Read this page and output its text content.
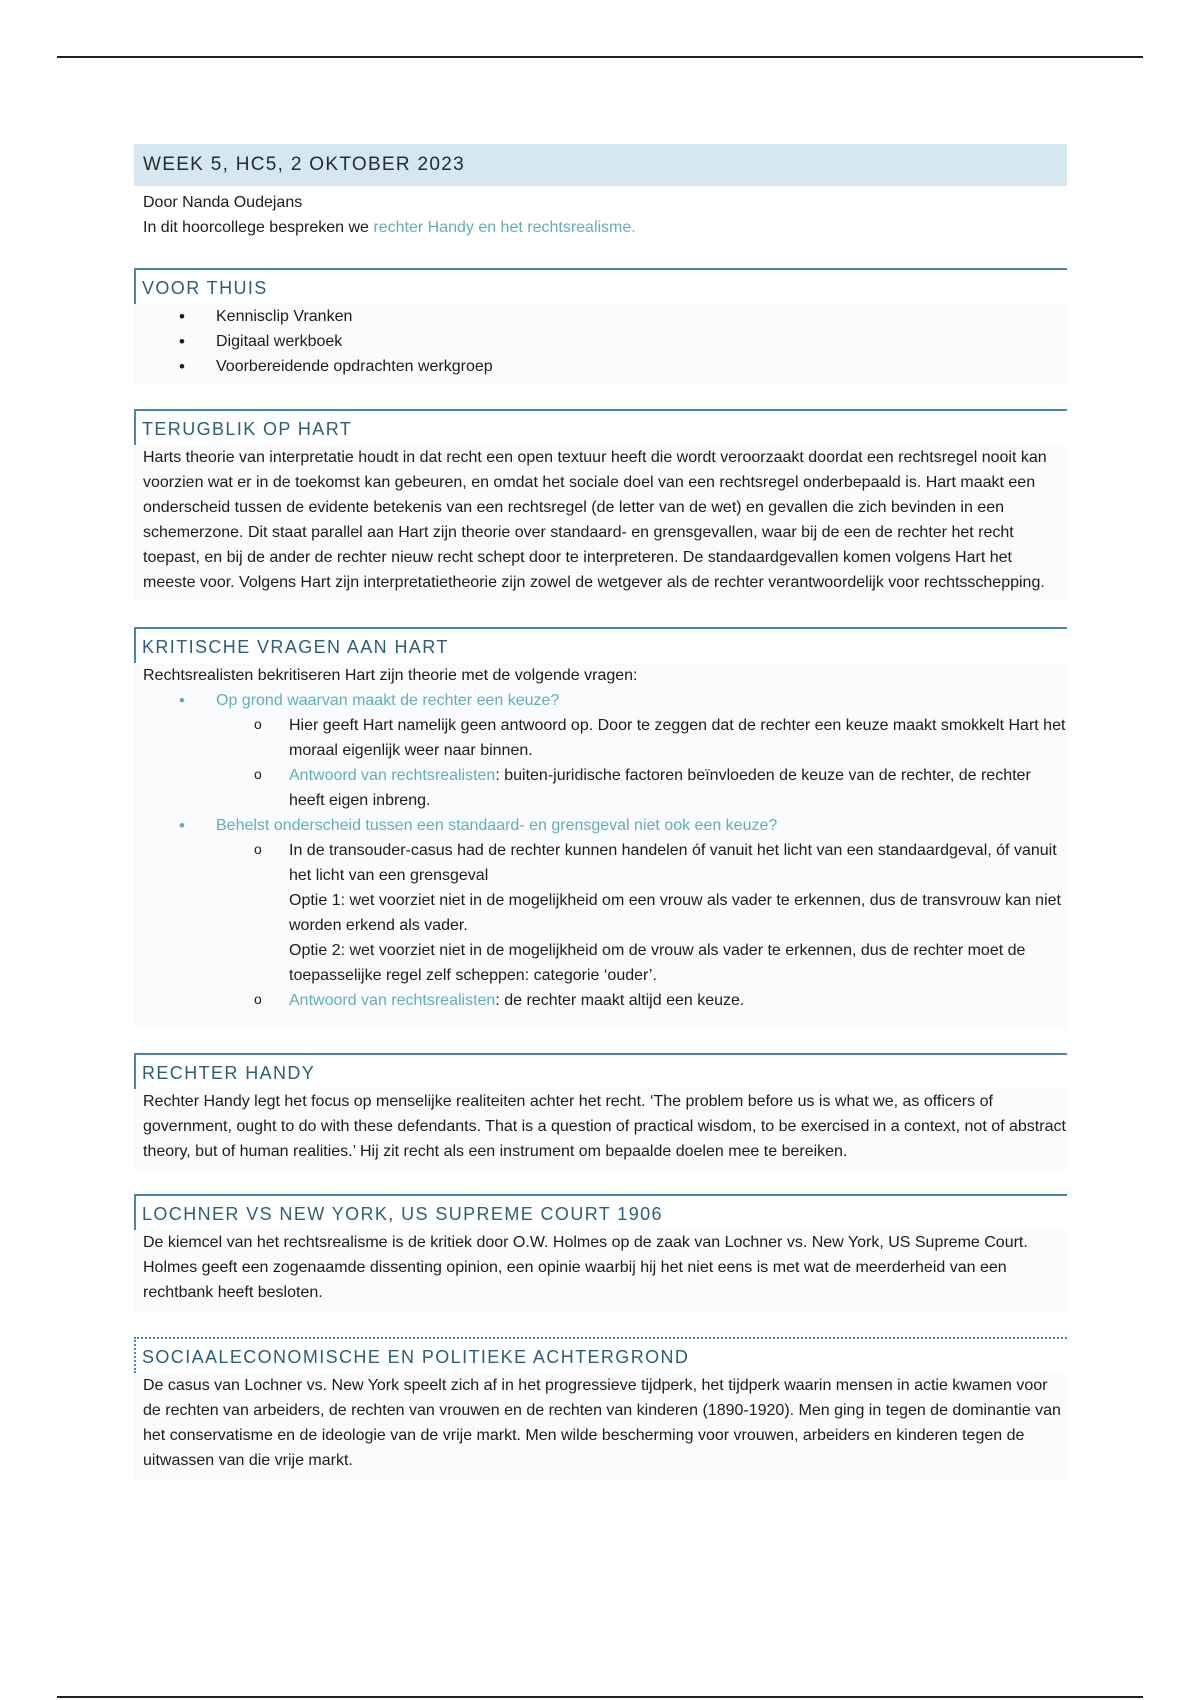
WEEK 5, HC5, 2 OKTOBER 2023

Door Nanda Oudejans

In dit hoorcollege bespreken we rechter Handy en het rechtsrealisme.

VOOR THUIS
• Kennisclip Vranken
• Digitaal werkboek
• Voorbereidende opdrachten werkgroep
TERUGBLIK OP HART

Harts theorie van interpretatie houdt in dat recht een open textuur heeft die wordt veroorzaakt doordat een rechtsregel nooit kan voorzien wat er in de toekomst kan gebeuren, en omdat het sociale doel van een rechtsregel onderbepaald is. Hart maakt een onderscheid tussen de evidente betekenis van een rechtsregel (de letter van de wet) en gevallen die zich bevinden in een schemerzone. Dit staat parallel aan Hart zijn theorie over standaard- en grensgevallen, waar bij de een de rechter het recht toepast, en bij de ander de rechter nieuw recht schept door te interpreteren. De standaardgevallen komen volgens Hart het meeste voor. Volgens Hart zijn interpretatietheorie zijn zowel de wetgever als de rechter verantwoordelijk voor rechtsschepping.

KRITISCHE VRAGEN AAN HART

Rechtsrealisten bekritiseren Hart zijn theorie met de volgende vragen:

• Op grond waarvan maakt de rechter een keuze?
o Hier geeft Hart namelijk geen antwoord op. Door te zeggen dat de rechter een keuze maakt smokkelt Hart het moraal eigenlijk weer naar binnen.
o Antwoord van rechtsrealisten: buiten-juridische factoren beïnvloeden de keuze van de rechter, de rechter heeft eigen inbreng.
• Behelst onderscheid tussen een standaard- en grensgeval niet ook een keuze?
o In de transouder-casus had de rechter kunnen handelen óf vanuit het licht van een standaardgeval, óf vanuit het licht van een grensgeval
Optie 1: wet voorziet niet in de mogelijkheid om een vrouw als vader te erkennen, dus de transvrouw kan niet worden erkend als vader.
Optie 2: wet voorziet niet in de mogelijkheid om de vrouw als vader te erkennen, dus de rechter moet de toepasselijke regel zelf scheppen: categorie ‘ouder’.
o Antwoord van rechtsrealisten: de rechter maakt altijd een keuze.
RECHTER HANDY

Rechter Handy legt het focus op menselijke realiteiten achter het recht. ‘The problem before us is what we, as officers of government, ought to do with these defendants. That is a question of practical wisdom, to be exercised in a context, not of abstract theory, but of human realities.’ Hij zit recht als een instrument om bepaalde doelen mee te bereiken.

LOCHNER VS NEW YORK, US SUPREME COURT 1906

De kiemcel van het rechtsrealisme is de kritiek door O.W. Holmes op de zaak van Lochner vs. New York, US Supreme Court. Holmes geeft een zogenaamde dissenting opinion, een opinie waarbij hij het niet eens is met wat de meerderheid van een rechtbank heeft besloten.

SOCIAALECONOMISCHE EN POLITIEKE ACHTERGROND

De casus van Lochner vs. New York speelt zich af in het progressieve tijdperk, het tijdperk waarin mensen in actie kwamen voor de rechten van arbeiders, de rechten van vrouwen en de rechten van kinderen (1890-1920). Men ging in tegen de dominantie van het conservatisme en de ideologie van de vrije markt. Men wilde bescherming voor vrouwen, arbeiders en kinderen tegen de uitwassen van die vrije markt.
